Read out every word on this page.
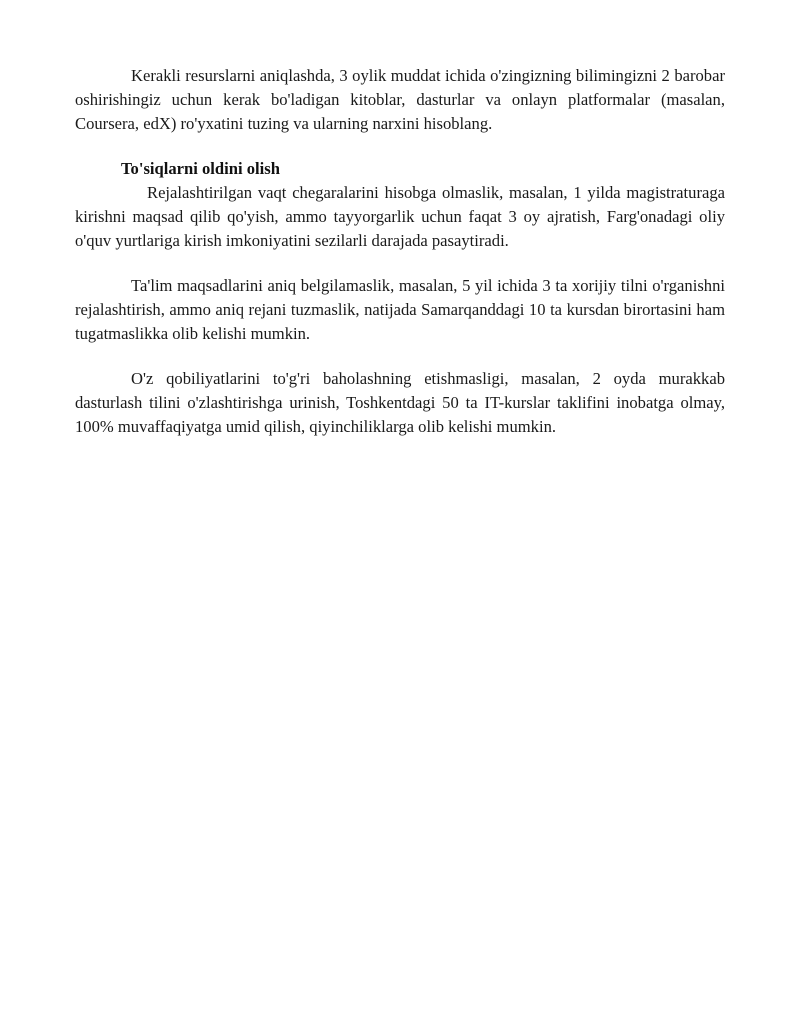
Kerakli resurslarni aniqlashda, 3 oylik muddat ichida o'zingizning bilimingizni 2 barobar oshirishingiz uchun kerak bo'ladigan kitoblar, dasturlar va onlayn platformalar (masalan, Coursera, edX) ro'yxatini tuzing va ularning narxini hisoblang.

To'siqlarni oldini olish

Rejalashtirilgan vaqt chegaralarini hisobga olmaslik, masalan, 1 yilda magistraturaga kirishni maqsad qilib qo'yish, ammo tayyorgarlik uchun faqat 3 oy ajratish, Farg'onadagi oliy o'quv yurtlariga kirish imkoniyatini sezilarli darajada pasaytiradi.

Ta'lim maqsadlarini aniq belgilamaslik, masalan, 5 yil ichida 3 ta xorijiy tilni o'rganishni rejalashtirish, ammo aniq rejani tuzmaslik, natijada Samarqanddagi 10 ta kursdan birortasini ham tugatmaslikka olib kelishi mumkin.

O'z qobiliyatlarini to'g'ri baholashning etishmasligi, masalan, 2 oyda murakkab dasturlash tilini o'zlashtirishga urinish, Toshkentdagi 50 ta IT-kurslar taklifini inobatga olmay, 100% muvaffaqiyatga umid qilish, qiyinchiliklarga olib kelishi mumkin.
